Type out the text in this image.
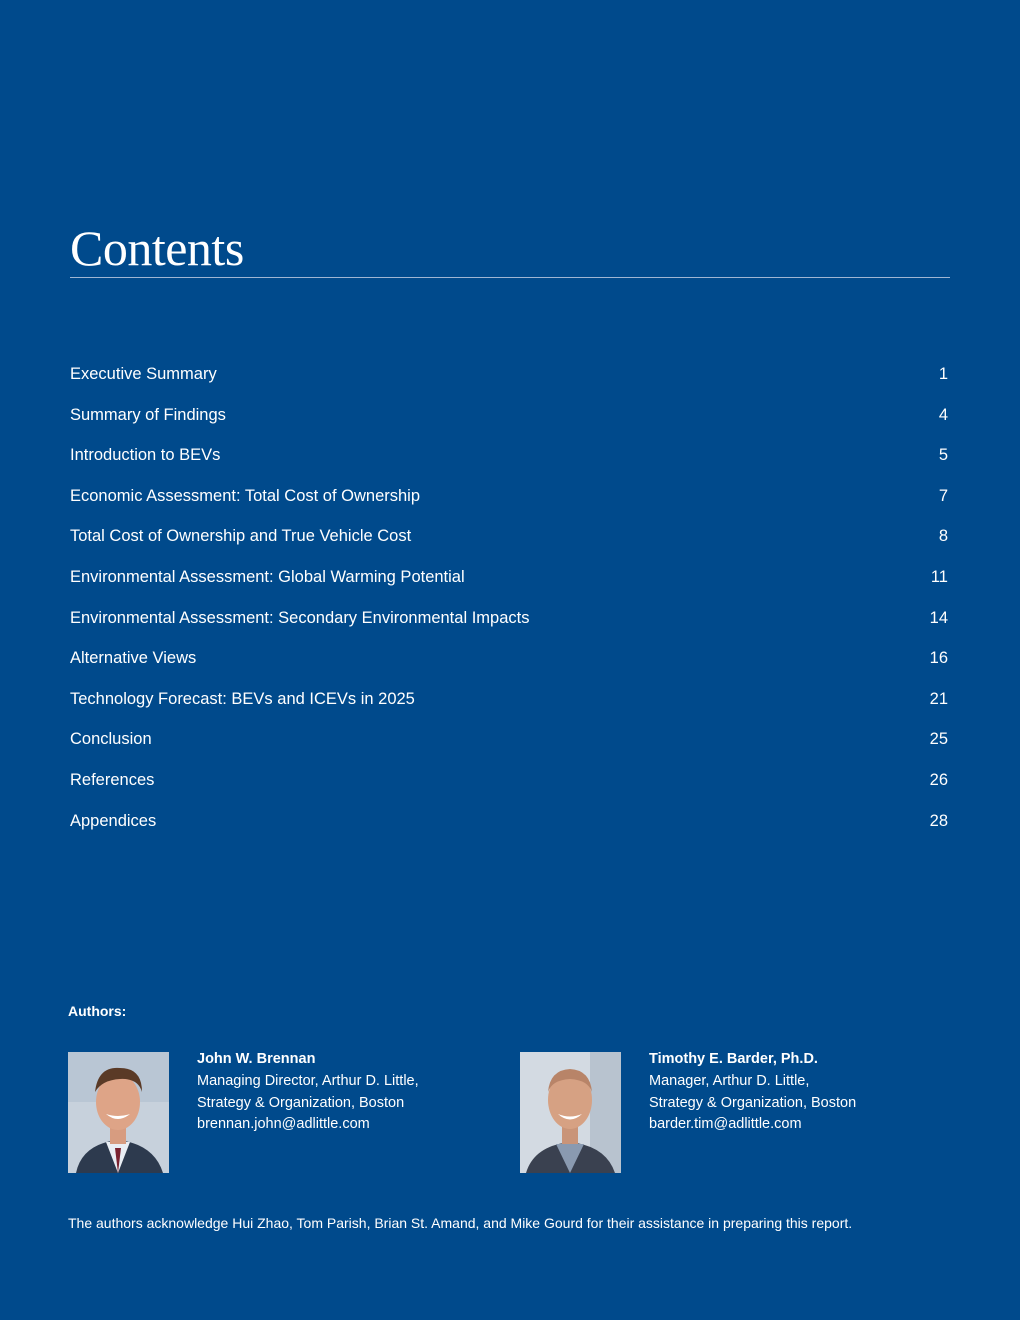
Contents
Executive Summary	1
Summary of Findings	4
Introduction to BEVs	5
Economic Assessment: Total Cost of Ownership	7
Total Cost of Ownership and True Vehicle Cost	8
Environmental Assessment: Global Warming Potential	11
Environmental Assessment: Secondary Environmental Impacts	14
Alternative Views	16
Technology Forecast: BEVs and ICEVs in 2025	21
Conclusion	25
References	26
Appendices	28
Authors:
John W. Brennan
Managing Director, Arthur D. Little,
Strategy & Organization, Boston
brennan.john@adlittle.com
Timothy E. Barder, Ph.D.
Manager, Arthur D. Little,
Strategy & Organization, Boston
barder.tim@adlittle.com

The authors acknowledge Hui Zhao, Tom Parish, Brian St. Amand, and Mike Gourd for their assistance in preparing this report.
